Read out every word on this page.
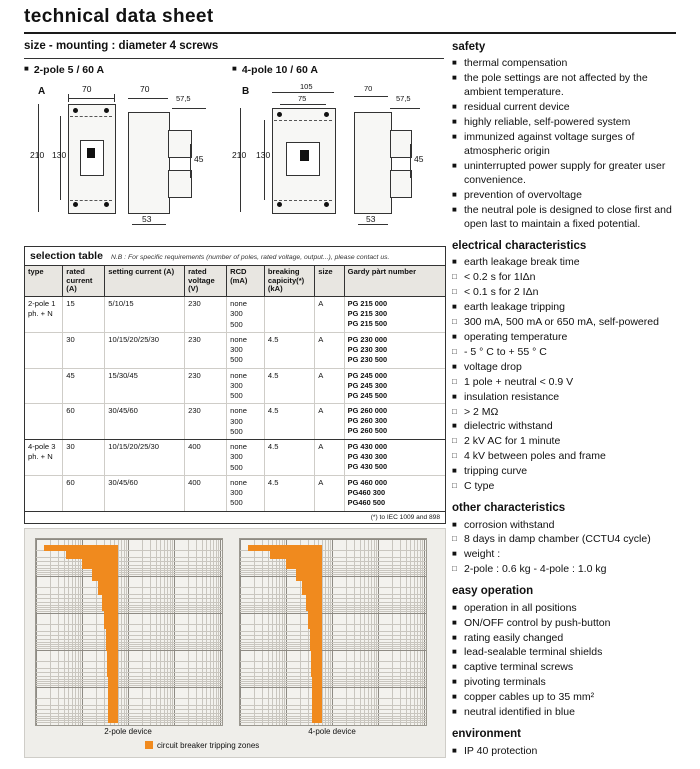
technical data sheet
size - mounting : diameter 4 screws
■ 2-pole 5 / 60 A	■ 4-pole 10 / 60 A
A	70
210 130
70
57,5
45
53
B	105
75
210 130
70
57,5
45
53
selection table N.B : For specific requirements (number of poles, rated voltage, output...), please contact us.
type	rated current (A)	setting current (A)	rated voltage (V)	RCD (mA)	breaking capicity(*) (kA)	size	Gardy pàrt number
2-pole 1 ph. + N	15	5/10/15	230	none
300
500		A	PG 215 000
PG 215 300
PG 215 500
	30	10/15/20/25/30	230	none
300
500	4.5	A	PG 230 000
PG 230 300
PG 230 500
	45	15/30/45	230	none
300
500	4.5	A	PG 245 000
PG 245 300
PG 245 500
	60	30/45/60	230	none
300
500	4.5	A	PG 260 000
PG 260 300
PG 260 500
4-pole 3 ph. + N	30	10/15/20/25/30	400	none
300
500	4.5	A	PG 430 000
PG 430 300
PG 430 500
	60	30/45/60	400	none
300
500	4.5	A	PG 460 000
PG460 300
PG460 500
(*) to IEC 1009 and 898
2-pole device	4-pole device
circuit breaker tripping zones
safety
■ thermal compensation
■ the pole settings are not affected by the ambient temperature.
■ residual current device
■ highly reliable, self-powered system
■ immunized against voltage surges of atmospheric origin
■ uninterrupted power supply for greater user convenience.
■ prevention of overvoltage
■ the neutral pole is designed to close first and open last to maintain a fixed potential.
electrical characteristics
■ earth leakage break time
□ < 0.2 s for 1IΔn
□ < 0.1 s for 2 IΔn
■ earth leakage tripping
□ 300 mA, 500 mA or 650 mA, self-powered
■ operating temperature
□ - 5 ° C to + 55 ° C
■ voltage drop
□ 1 pole + neutral < 0.9 V
■ insulation resistance
□ > 2 MΩ
■ dielectric withstand
□ 2 kV AC for 1 minute
□ 4 kV between poles and frame
■ tripping curve
□ C type
other characteristics
■ corrosion withstand
□ 8 days in damp chamber (CCTU4 cycle)
■ weight :
□ 2-pole : 0.6 kg - 4-pole : 1.0 kg
easy operation
■ operation in all positions
■ ON/OFF control by push-button
■ rating easily changed
■ lead-sealable terminal shields
■ captive terminal screws
■ pivoting terminals
■ copper cables up to 35 mm²
■ neutral identified in blue
environment
■ IP 40 protection
